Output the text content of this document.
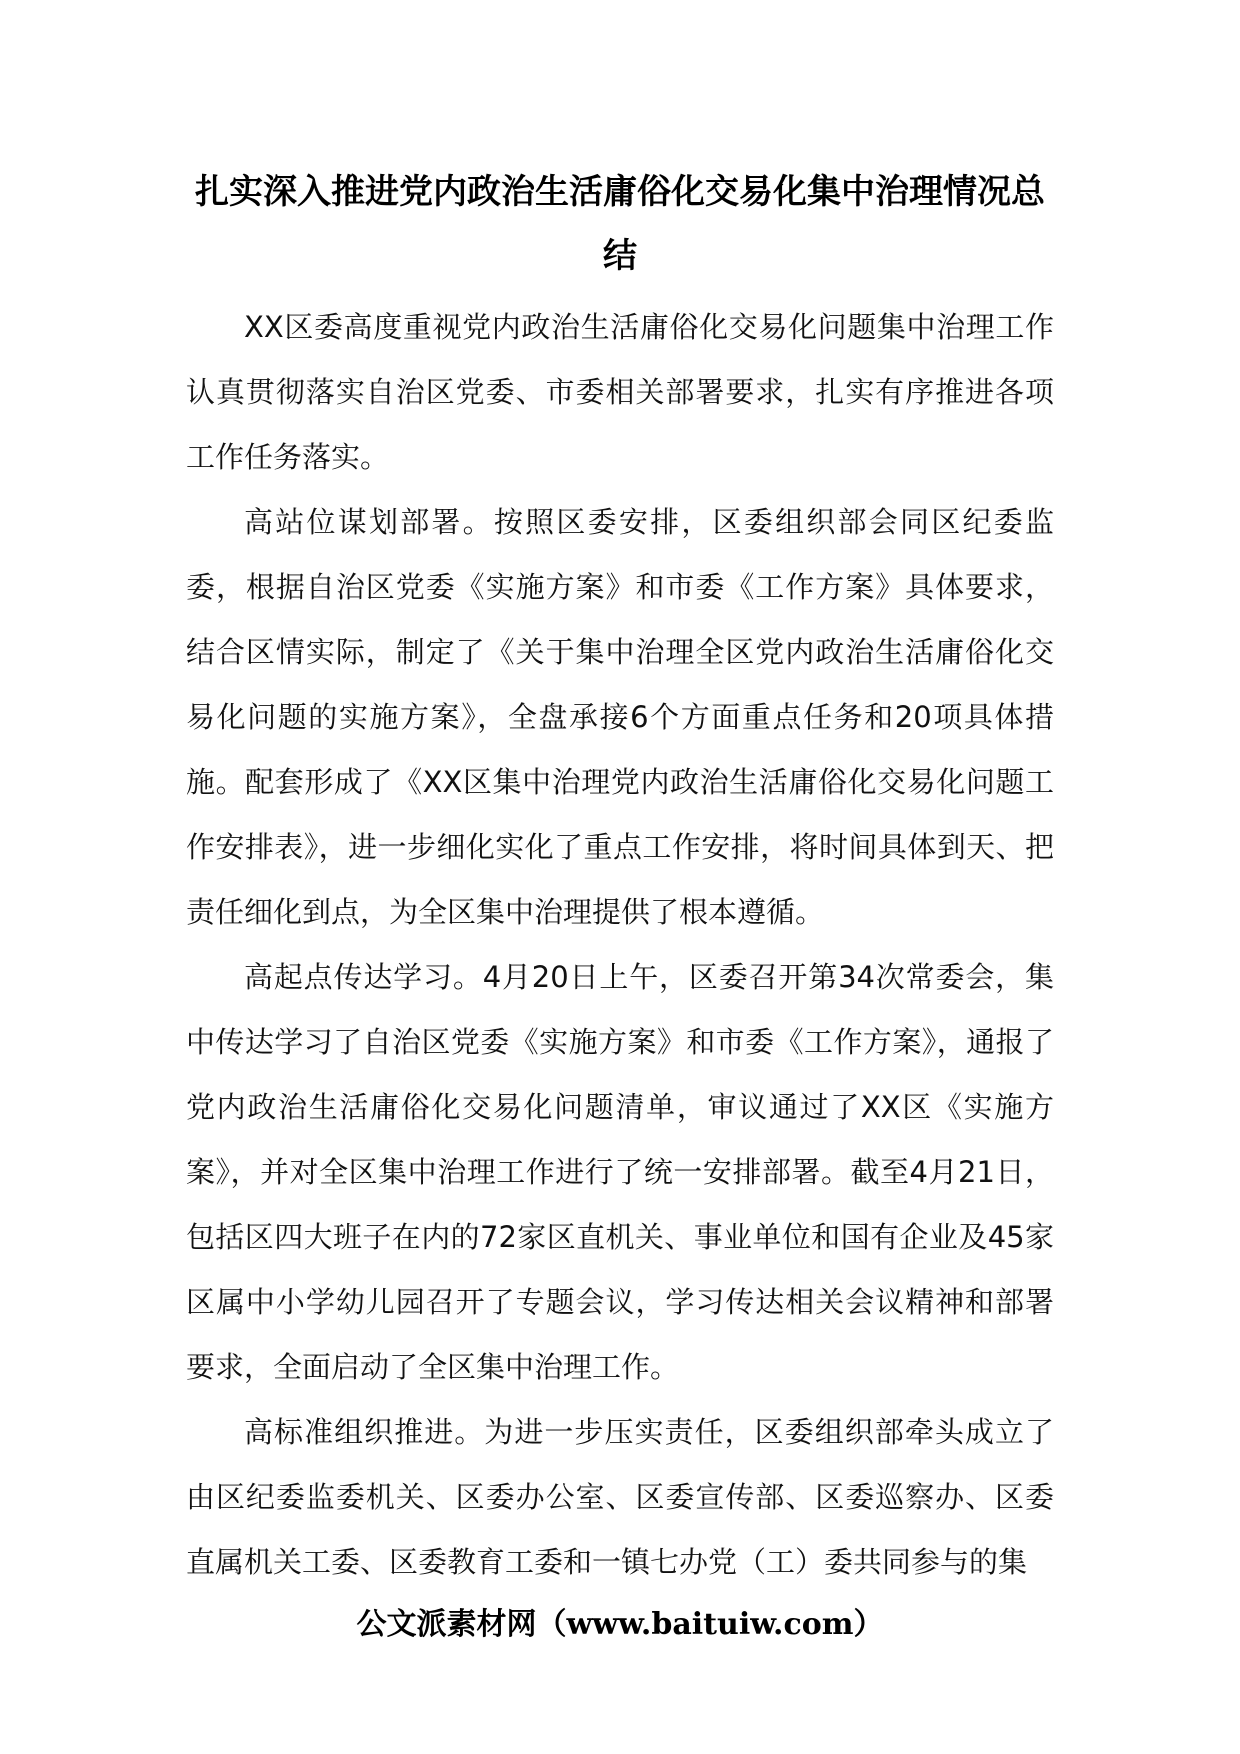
扎实深入推进党内政治生活庸俗化交易化集中治理情况总结

XX区委高度重视党内政治生活庸俗化交易化问题集中治理工作认真贯彻落实自治区党委、市委相关部署要求，扎实有序推进各项工作任务落实。

高站位谋划部署。按照区委安排，区委组织部会同区纪委监委，根据自治区党委《实施方案》和市委《工作方案》具体要求，结合区情实际，制定了《关于集中治理全区党内政治生活庸俗化交易化问题的实施方案》，全盘承接6个方面重点任务和20项具体措施。配套形成了《XX区集中治理党内政治生活庸俗化交易化问题工作安排表》，进一步细化实化了重点工作安排，将时间具体到天、把责任细化到点，为全区集中治理提供了根本遵循。

高起点传达学习。4月20日上午，区委召开第34次常委会，集中传达学习了自治区党委《实施方案》和市委《工作方案》，通报了党内政治生活庸俗化交易化问题清单，审议通过了XX区《实施方案》，并对全区集中治理工作进行了统一安排部署。截至4月21日，包括区四大班子在内的72家区直机关、事业单位和国有企业及45家区属中小学幼儿园召开了专题会议，学习传达相关会议精神和部署要求，全面启动了全区集中治理工作。

高标准组织推进。为进一步压实责任，区委组织部牵头成立了由区纪委监委机关、区委办公室、区委宣传部、区委巡察办、区委直属机关工委、区委教育工委和一镇七办党（工）委共同参与的集

公文派素材网（www.baituiw.com）
